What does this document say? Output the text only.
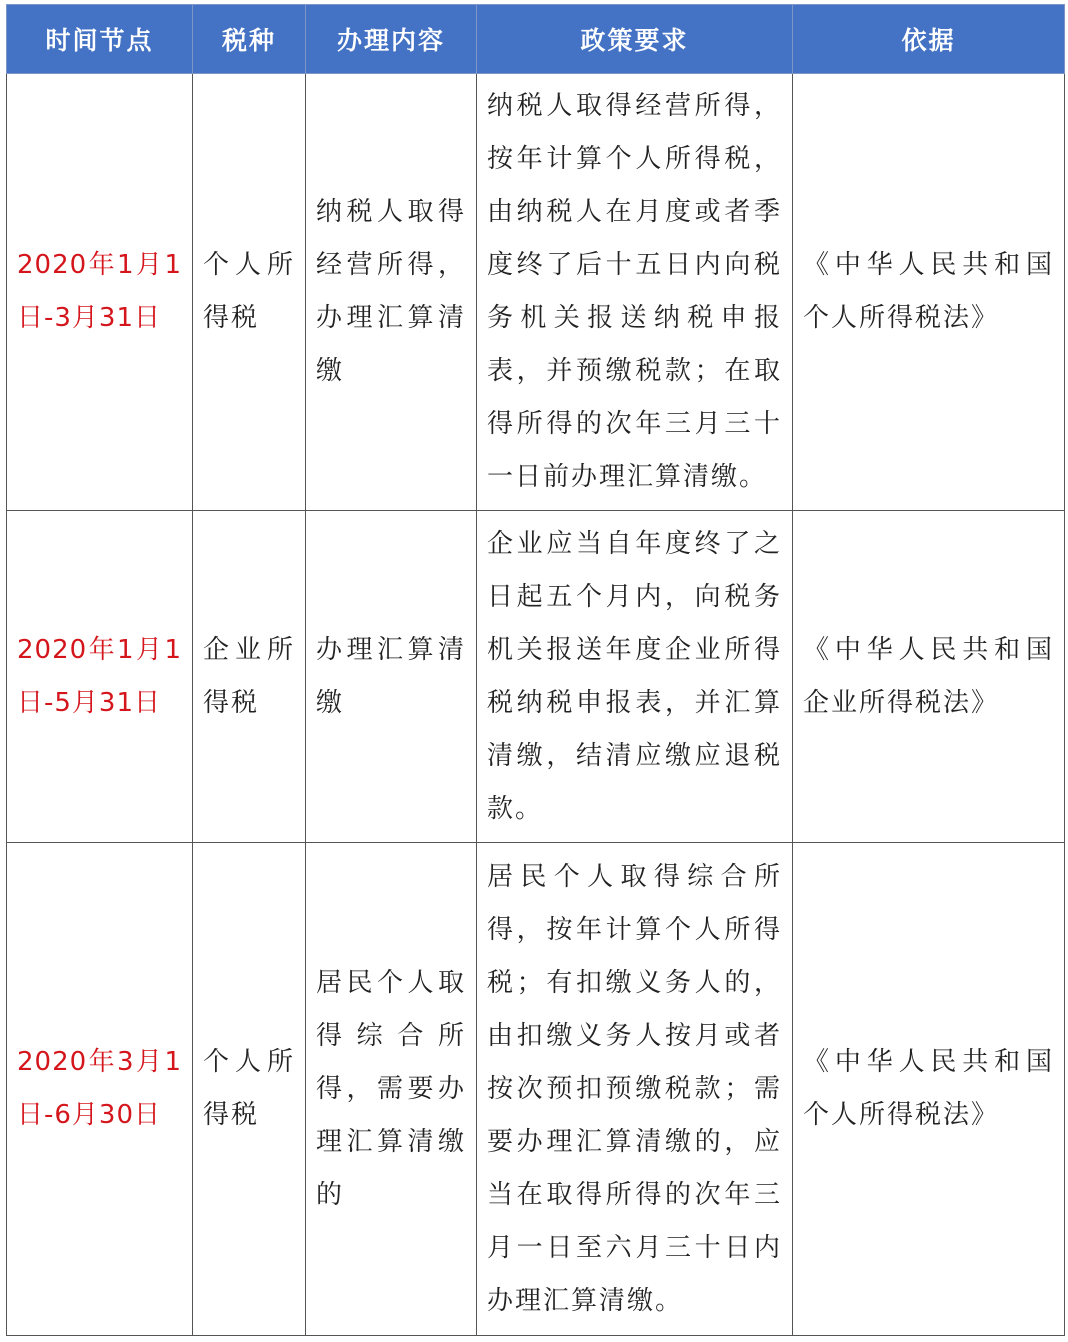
时间节点	税种	办理内容	政策要求	依据
2020年1月1日-3月31日	个人所得税	纳税人取得经营所得，办理汇算清缴	纳税人取得经营所得，按年计算个人所得税，由纳税人在月度或者季度终了后十五日内向税务机关报送纳税申报表，并预缴税款；在取得所得的次年三月三十一日前办理汇算清缴。	《中华人民共和国个人所得税法》
2020年1月1日-5月31日	企业所得税	办理汇算清缴	企业应当自年度终了之日起五个月内，向税务机关报送年度企业所得税纳税申报表，并汇算清缴，结清应缴应退税款。	《中华人民共和国企业所得税法》
2020年3月1日-6月30日	个人所得税	居民个人取得综合所得，需要办理汇算清缴的	居民个人取得综合所得，按年计算个人所得税；有扣缴义务人的，由扣缴义务人按月或者按次预扣预缴税款；需要办理汇算清缴的，应当在取得所得的次年三月一日至六月三十日内办理汇算清缴。	《中华人民共和国个人所得税法》
